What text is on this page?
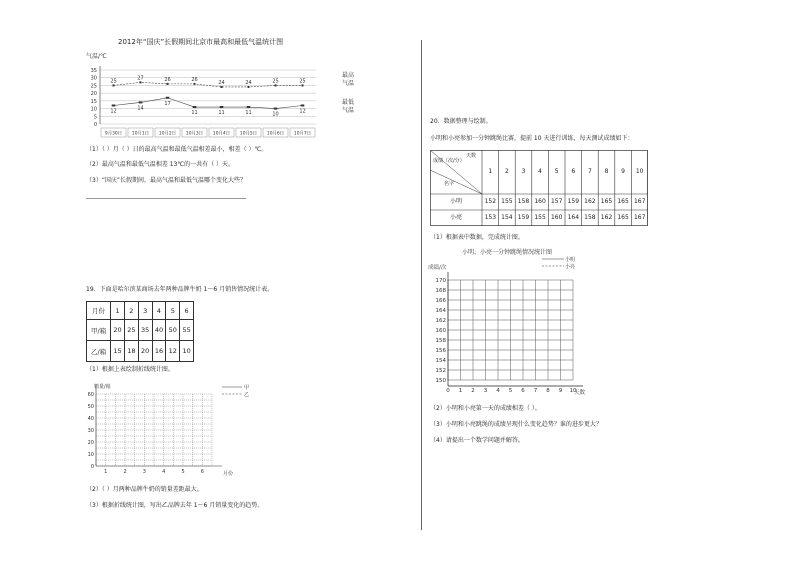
2012年“国庆”长假期间北京市最高和最低气温统计图
气温/℃
0
5
10
15
20
25
30
35
9月30日 10月1日 10月2日 10月3日 10月4日 10月5日 10月6日 10月7日
25
27	26	26
24	24	25	25
12
14
17
11	11	11	10
12
最高
气温
最低
气温
（1）（ ）月（ ）日的最高气温和最低气温相差最小，相差（ ）℃。
（2）最高气温和最低气温相差 13℃的一共有（ ）天。
（3）“国庆”长假期间，最高气温和最低气温哪个变化大些？
19．下面是哈尔滨某商场去年两种品牌牛奶 1～6 月销售情况统计表。
月份	1	2	3	4	5	6
甲/箱	20	25	35	40	50	55
乙/箱	15	18	20	16	12	10
（1）根据上表绘制折线统计图。
销量/箱
60
50
40
30
20
10
0
1	2	3	4	5	6
甲
乙
月份
（2）（ ）月两种品牌牛奶的销量差距最大。
（3）根据折线统计图，写出乙品牌去年 1～6 月销量变化的趋势。
20．数据整理与绘制。
小明和小亮参加一分钟跳绳比赛，提前 10 天进行训练，每天测试成绩如下：
天数
成绩（次/分）
名字
1	2	3	4	5	6	7	8	9	10
小明	152 155 158 160 157 159 162 165 165 167
小亮	153 154 159 155 160 164 158 162 165 167
（1）根据表中数据，完成统计图。
小明、小亮一分钟跳绳情况统计图
成绩/次
小明
小亮
170
168
166
164
162
160
158
156
154
152
150
0 1 2 3 4 5 6 7 8 9 10
天数
（2）小明和小亮第一天的成绩相差（ ）。
（3）小明和小亮跳绳的成绩呈现什么变化趋势？谁的进步更大？
（4）请提出一个数学问题并解答。
